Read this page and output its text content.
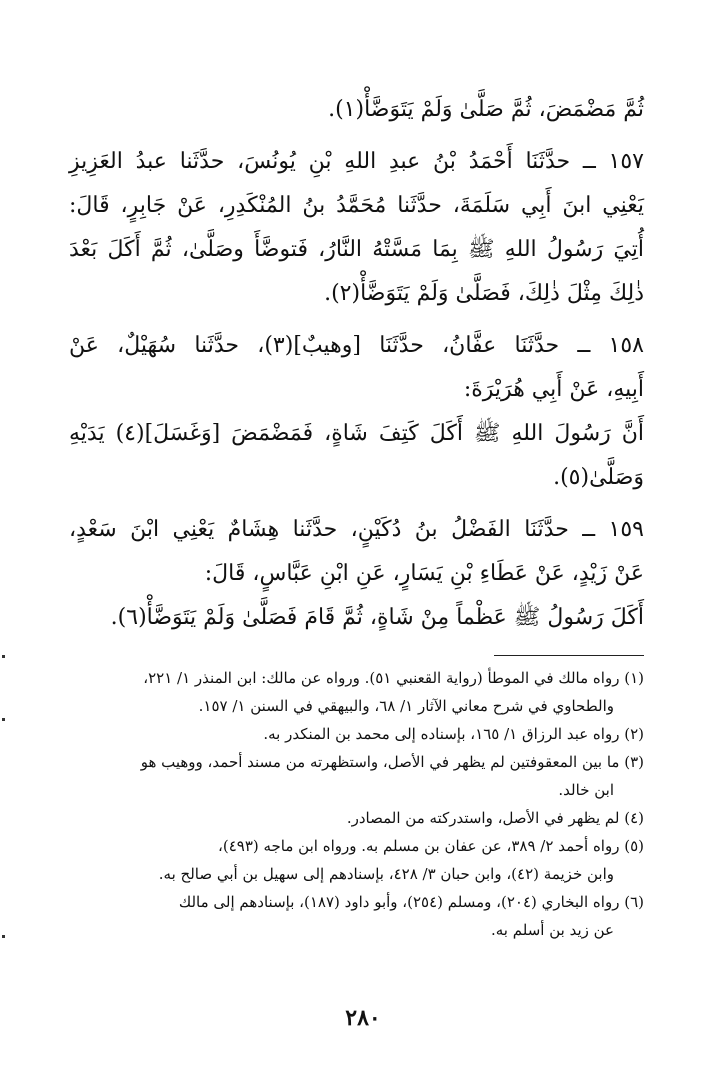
ثُمَّ مَضْمَضَ، ثُمَّ صَلَّىٰ وَلَمْ يَتَوَضَّأْ(١).
١٥٧ ــ حدَّثَنَا أَحْمَدُ بْنُ عبدِ اللهِ بْنِ يُونُسَ، حدَّثَنا عبدُ العَزِيزِ
يَعْنِي ابنَ أَبِي سَلَمَةَ، حدَّثَنا مُحَمَّدُ بنُ المُنْكَدِرِ، عَنْ جَابِرٍ، قَالَ:
أُتِيَ رَسُولُ اللهِ ﷺ بِمَا مَسَّتْهُ النَّارُ، فَتوضَّأَ وصَلَّىٰ، ثُمَّ أَكَلَ بَعْدَ
ذٰلِكَ مِثْلَ ذٰلِكَ، فَصَلَّىٰ وَلَمْ يَتَوَضَّأْ(٢).
١٥٨ ــ حدَّثَنَا عفَّانُ، حدَّثَنَا [وهيبٌ](٣)، حدَّثَنا سُهَيْلٌ، عَنْ
أَبِيهِ، عَنْ أَبِي هُرَيْرَةَ:
أَنَّ رَسُولَ اللهِ ﷺ أَكَلَ كَتِفَ شَاةٍ، فَمَضْمَضَ [وَغَسَلَ](٤) يَدَيْهِ
وَصَلَّىٰ(٥).
١٥٩ ــ حدَّثَنَا الفَضْلُ بنُ دُكَيْنٍ، حدَّثَنا هِشَامٌ يَعْنِي ابْنَ سَعْدٍ،
عَنْ زَيْدٍ، عَنْ عَطَاءِ بْنِ يَسَارٍ، عَنِ ابْنِ عَبَّاسٍ، قَالَ:
أَكَلَ رَسُولُ ﷺ عَظْماً مِنْ شَاةٍ، ثُمَّ قَامَ فَصَلَّىٰ وَلَمْ يَتَوَضَّأْ(٦).
(١) رواه مالك في الموطأ (رواية القعنبي ٥١). ورواه عن مالك: ابن المنذر ١/ ٢٢١،
والطحاوي في شرح معاني الآثار ١/ ٦٨، والبيهقي في السنن ١/ ١٥٧.
(٢) رواه عبد الرزاق ١/ ١٦٥، بإسناده إلى محمد بن المنكدر به.
(٣) ما بين المعقوفتين لم يظهر في الأصل، واستظهرته من مسند أحمد، ووهيب هو
ابن خالد.
(٤) لم يظهر في الأصل، واستدركته من المصادر.
(٥) رواه أحمد ٢/ ٣٨٩، عن عفان بن مسلم به. ورواه ابن ماجه (٤٩٣)،
وابن خزيمة (٤٢)، وابن حبان ٣/ ٤٢٨، بإسنادهم إلى سهيل بن أبي صالح به.
(٦) رواه البخاري (٢٠٤)، ومسلم (٢٥٤)، وأبو داود (١٨٧)، بإسنادهم إلى مالك
عن زيد بن أسلم به.
٢٨٠
